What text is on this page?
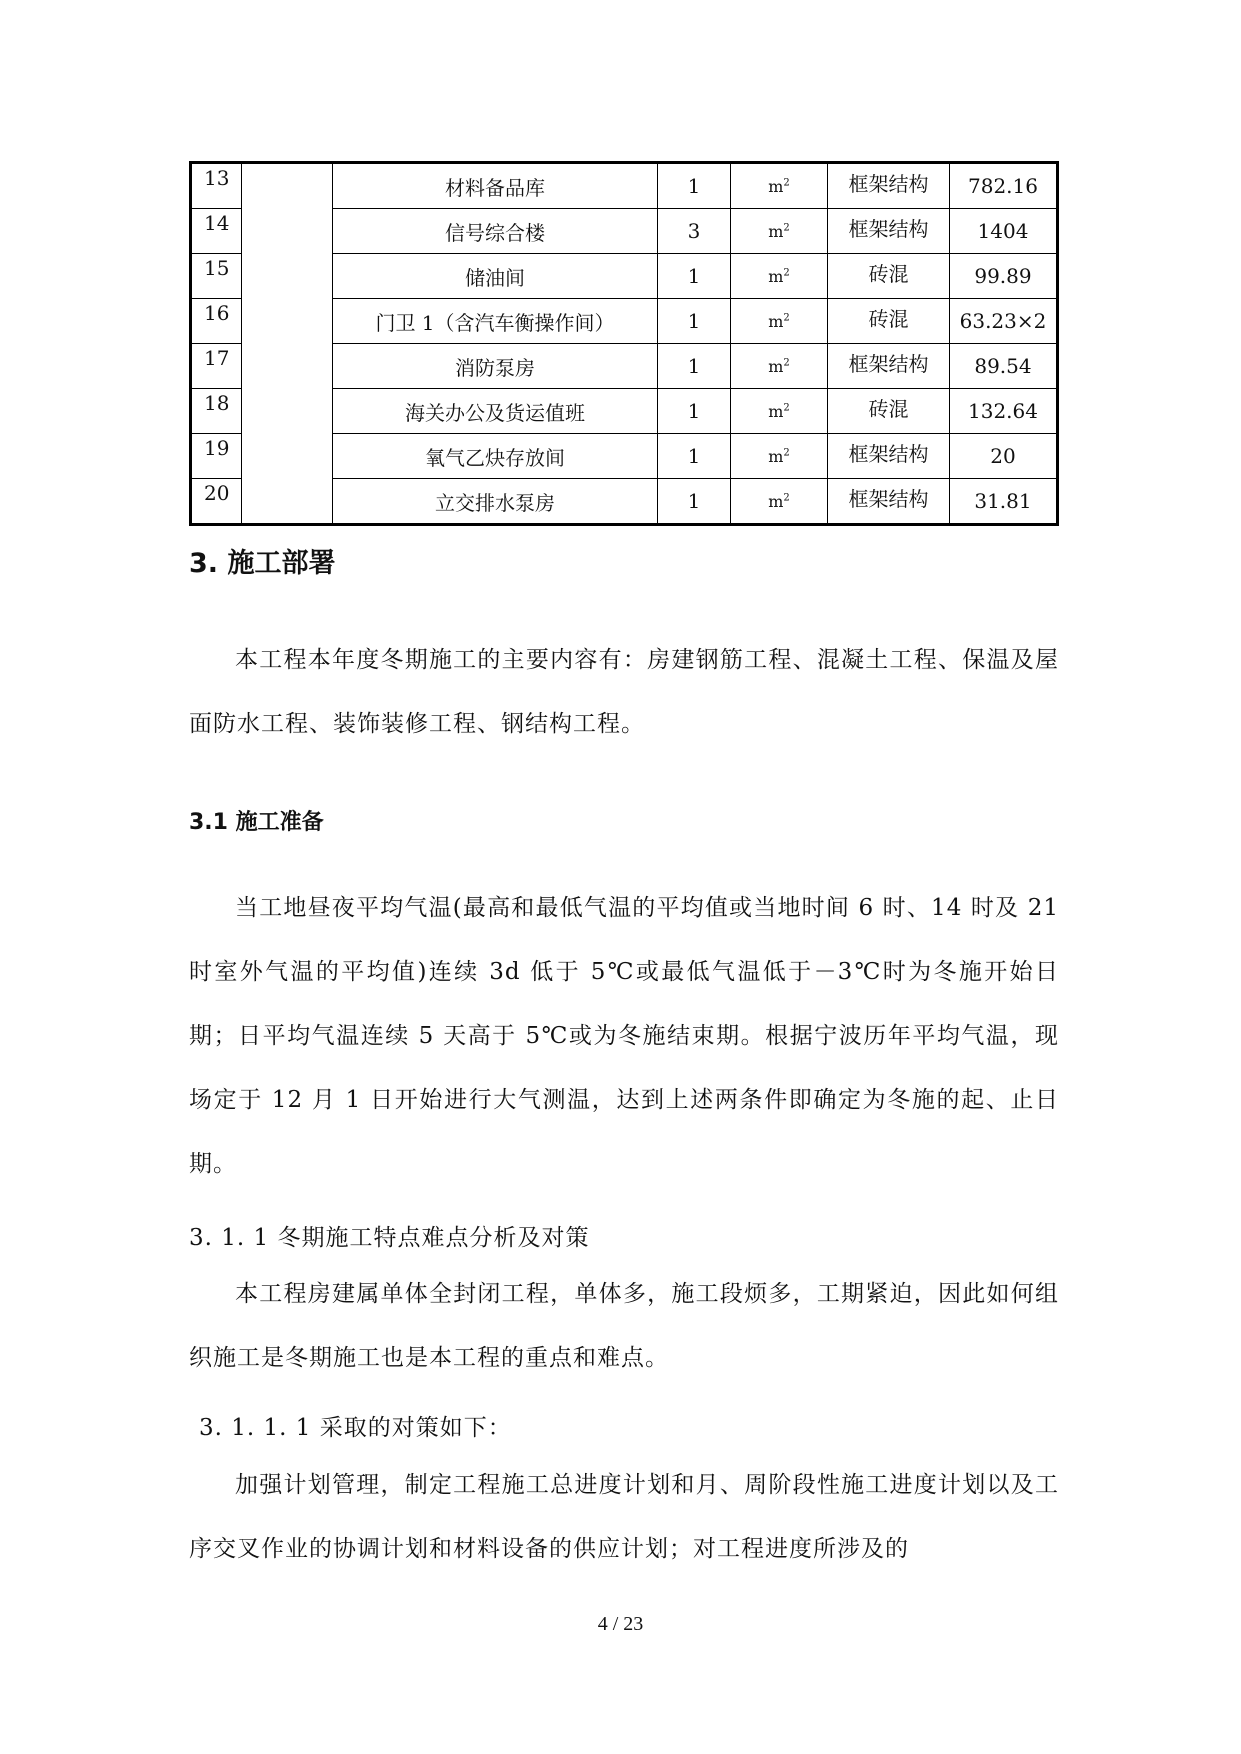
13		材料备品库	1	$m^2$	框架结构	782.16
14		信号综合楼	3	$m^2$	框架结构	1404
15		储油间	1	$m^2$	砖混	99.89
16		门卫 1（含汽车衡操作间）	1	$m^2$	砖混	63.23×2
17		消防泵房	1	$m^2$	框架结构	89.54
18		海关办公及货运值班	1	$m^2$	砖混	132.64
19		氧气乙炔存放间	1	$m^2$	框架结构	20
20		立交排水泵房	1	$m^2$	框架结构	31.81
3. 施工部署
本工程本年度冬期施工的主要内容有：房建钢筋工程、混凝土工程、保温及屋面防水工程、装饰装修工程、钢结构工程。
3.1 施工准备
当工地昼夜平均气温(最高和最低气温的平均值或当地时间 6 时、14 时及 21 时室外气温的平均值)连续 3d 低于 5℃或最低气温低于－3℃时为冬施开始日期；日平均气温连续 5 天高于 5℃或为冬施结束期。根据宁波历年平均气温，现场定于 12 月 1 日开始进行大气测温，达到上述两条件即确定为冬施的起、止日期。
3. 1. 1 冬期施工特点难点分析及对策
本工程房建属单体全封闭工程，单体多，施工段烦多，工期紧迫，因此如何组织施工是冬期施工也是本工程的重点和难点。
3. 1. 1. 1 采取的对策如下：
加强计划管理，制定工程施工总进度计划和月、周阶段性施工进度计划以及工序交叉作业的协调计划和材料设备的供应计划；对工程进度所涉及的
4 / 23
